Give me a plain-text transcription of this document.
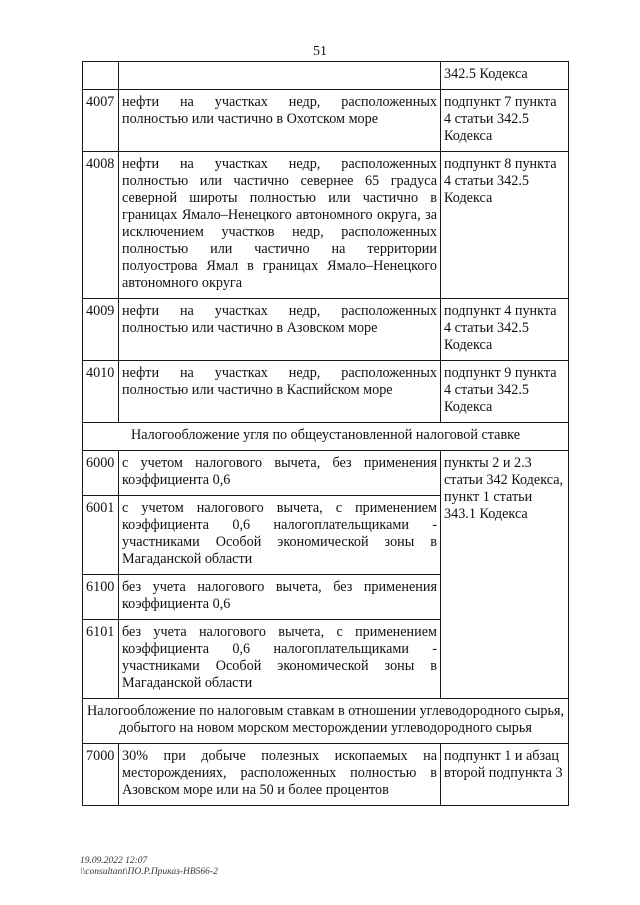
51
		342.5 Кодекса
4007	нефти на участках недр, расположенных полностью или частично в Охотском море	подпункт 7 пункта 4 статьи 342.5 Кодекса
4008	нефти на участках недр, расположенных полностью или частично севернее 65 градуса северной широты полностью или частично в границах Ямало–Ненецкого автономного округа, за исключением участков недр, расположенных полностью или частично на территории полуострова Ямал в границах Ямало–Ненецкого автономного округа	подпункт 8 пункта 4 статьи 342.5 Кодекса
4009	нефти на участках недр, расположенных полностью или частично в Азовском море	подпункт 4 пункта 4 статьи 342.5 Кодекса
4010	нефти на участках недр, расположенных полностью или частично в Каспийском море	подпункт 9 пункта 4 статьи 342.5 Кодекса
Налогообложение угля по общеустановленной налоговой ставке		
6000	с учетом налогового вычета, без применения коэффициента 0,6	пункты 2 и 2.3 статьи 342 Кодекса, пункт 1 статьи 343.1 Кодекса
6001	с учетом налогового вычета, с применением коэффициента 0,6 налогоплательщиками - участниками Особой экономической зоны в Магаданской области	
6100	без учета налогового вычета, без применения коэффициента 0,6	
6101	без учета налогового вычета, с применением коэффициента 0,6 налогоплательщиками - участниками Особой экономической зоны в Магаданской области	
Налогообложение по налоговым ставкам в отношении углеводородного сырья, добытого на новом морском месторождении углеводородного сырья		
7000	30% при добыче полезных ископаемых на месторождениях, расположенных полностью в Азовском море или на 50 и более процентов	подпункт 1 и абзац второй подпункта 3
19.09.2022 12:07
\\consultant\ПО.Р.Приказ-НВ566-2
